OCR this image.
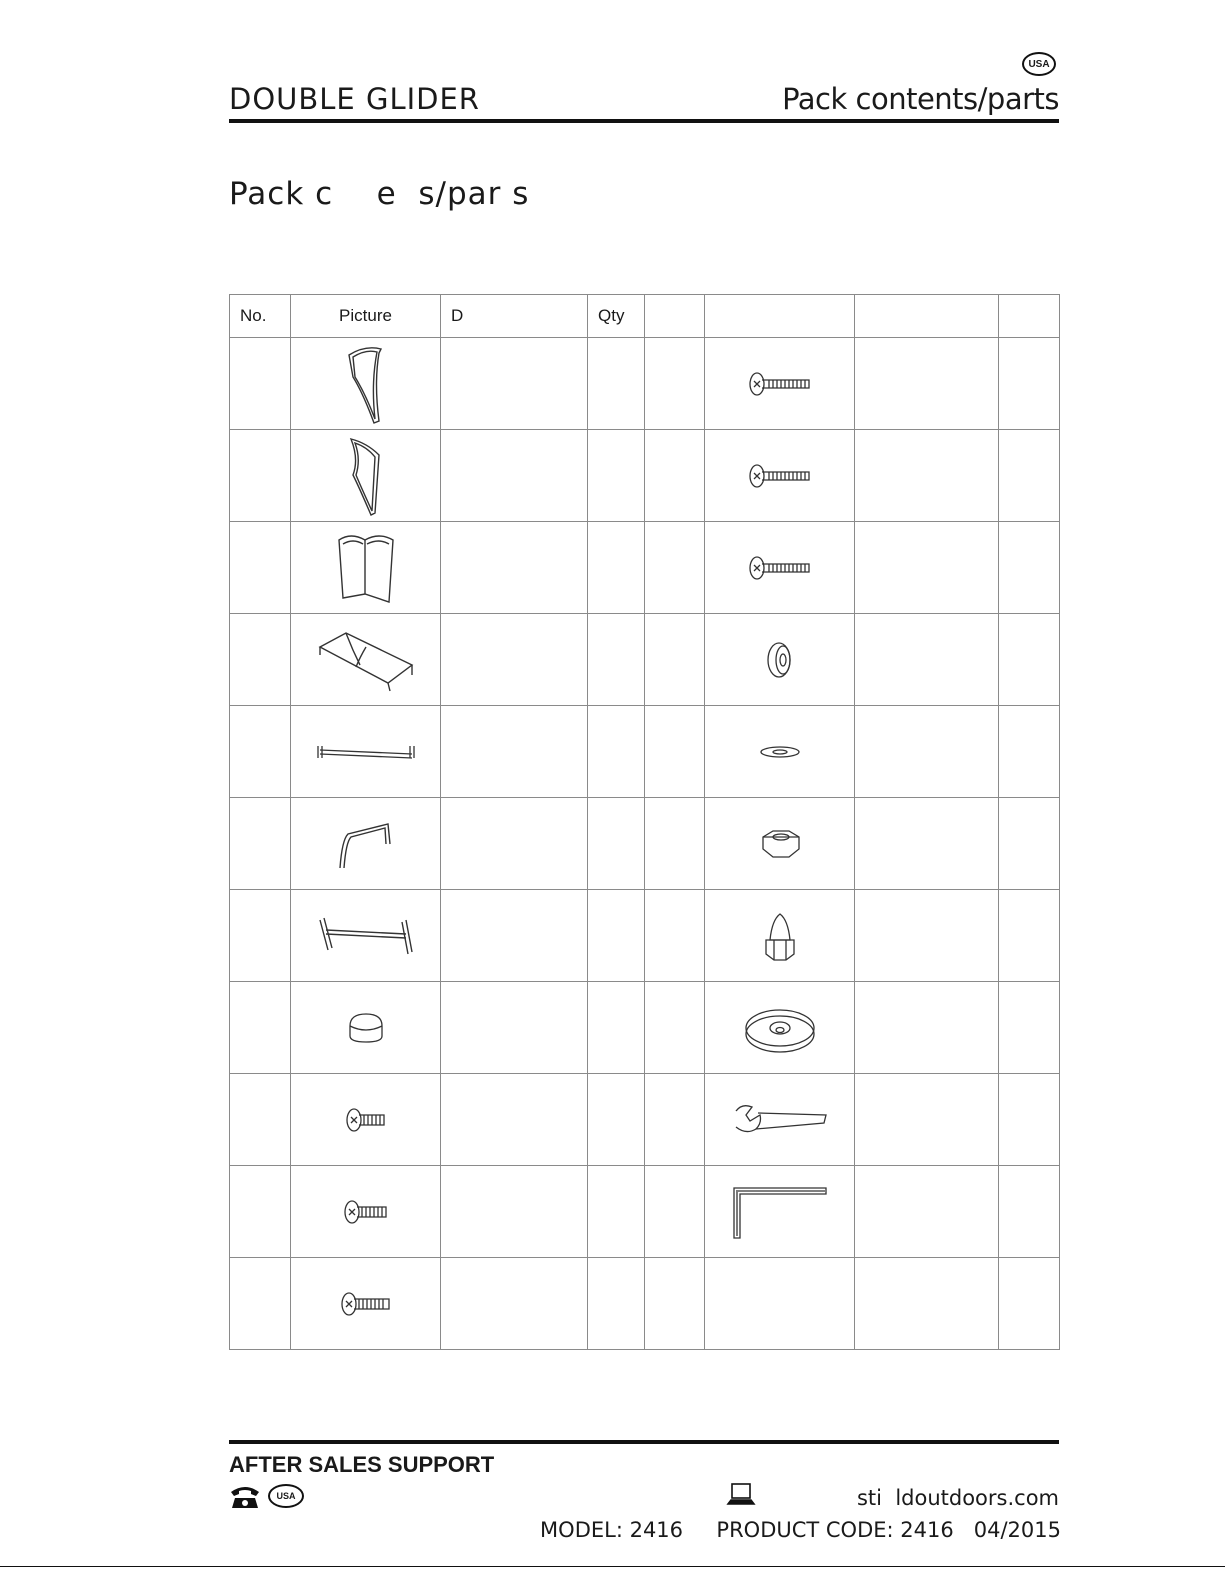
USA
DOUBLE GLIDER	Pack contents/parts
Pack c    e  s/par s
No.	Picture	D	Qty				

AFTER SALES SUPPORT
USA	sti  ldoutdoors.com
MODEL: 2416     PRODUCT CODE: 2416   04/2015
